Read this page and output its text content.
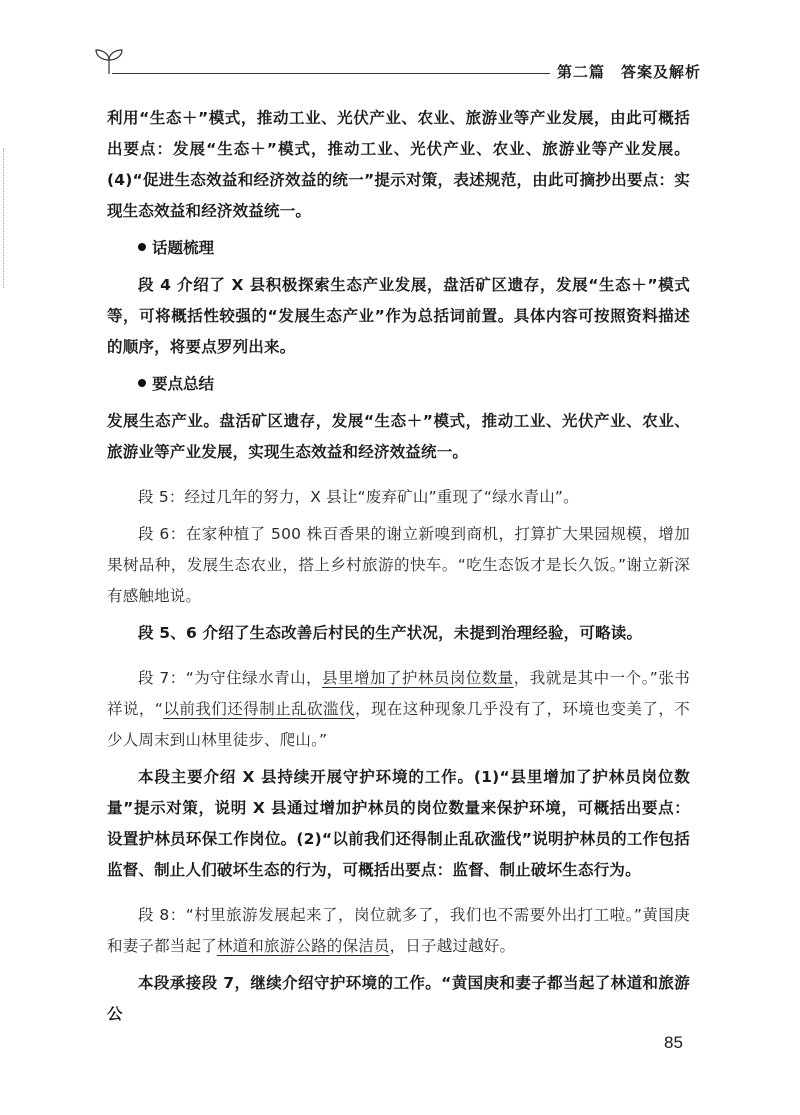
第二篇　答案及解析

利用“生态＋”模式，推动工业、光伏产业、农业、旅游业等产业发展，由此可概括出要点：发展“生态＋”模式，推动工业、光伏产业、农业、旅游业等产业发展。(4)“促进生态效益和经济效益的统一”提示对策，表述规范，由此可摘抄出要点：实现生态效益和经济效益统一。

话题梳理

段 4 介绍了 X 县积极探索生态产业发展，盘活矿区遗存，发展“生态＋”模式等，可将概括性较强的“发展生态产业”作为总括词前置。具体内容可按照资料描述的顺序，将要点罗列出来。

要点总结

发展生态产业。盘活矿区遗存，发展“生态＋”模式，推动工业、光伏产业、农业、旅游业等产业发展，实现生态效益和经济效益统一。

段 5：经过几年的努力，X 县让“废弃矿山”重现了“绿水青山”。

段 6：在家种植了 500 株百香果的谢立新嗅到商机，打算扩大果园规模，增加果树品种，发展生态农业，搭上乡村旅游的快车。“吃生态饭才是长久饭。”谢立新深有感触地说。

段 5、6 介绍了生态改善后村民的生产状况，未提到治理经验，可略读。

段 7：“为守住绿水青山，县里增加了护林员岗位数量，我就是其中一个。”张书祥说，“以前我们还得制止乱砍滥伐，现在这种现象几乎没有了，环境也变美了，不少人周末到山林里徒步、爬山。”

本段主要介绍 X 县持续开展守护环境的工作。(1)“县里增加了护林员岗位数量”提示对策，说明 X 县通过增加护林员的岗位数量来保护环境，可概括出要点：设置护林员环保工作岗位。(2)“以前我们还得制止乱砍滥伐”说明护林员的工作包括监督、制止人们破坏生态的行为，可概括出要点：监督、制止破坏生态行为。

段 8：“村里旅游发展起来了，岗位就多了，我们也不需要外出打工啦。”黄国庚和妻子都当起了林道和旅游公路的保洁员，日子越过越好。

本段承接段 7，继续介绍守护环境的工作。“黄国庚和妻子都当起了林道和旅游公

85
